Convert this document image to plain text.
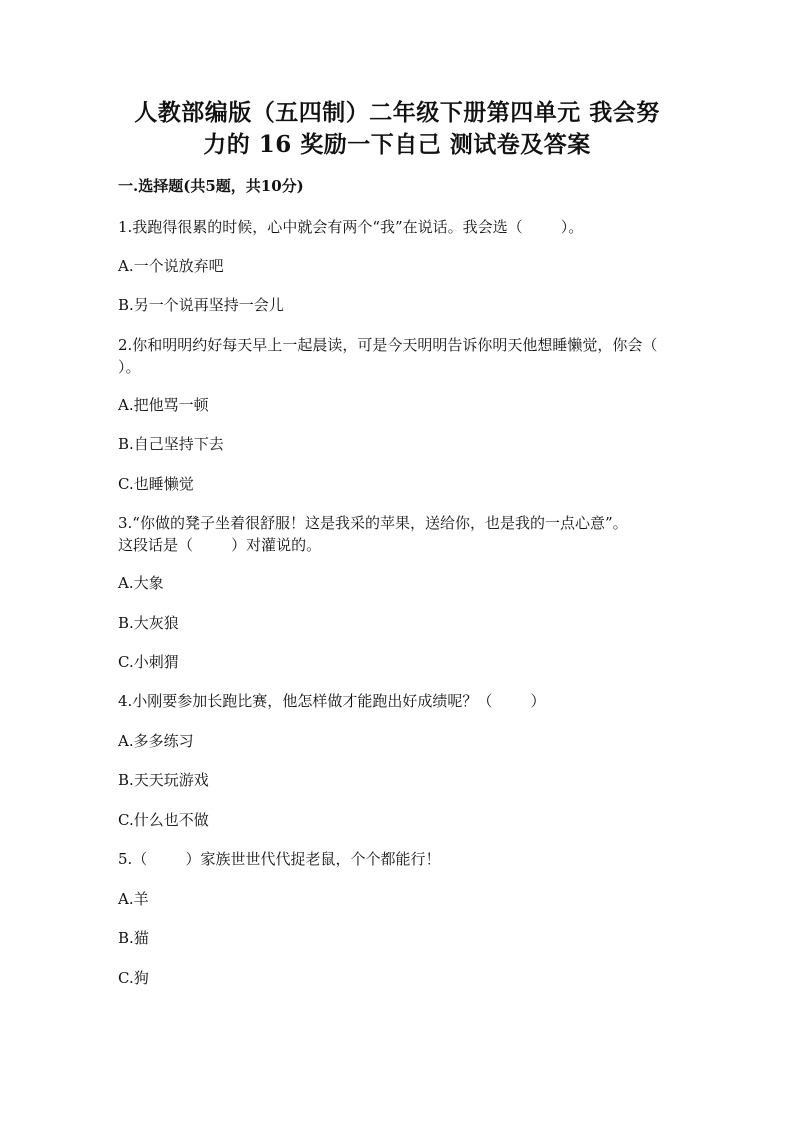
人教部编版（五四制）二年级下册第四单元 我会努
力的 16 奖励一下自己 测试卷及答案
一.选择题(共5题，共10分)
1.我跑得很累的时候，心中就会有两个“我”在说话。我会选（        ）。
A.一个说放弃吧
B.另一个说再坚持一会儿
2.你和明明约好每天早上一起晨读，可是今天明明告诉你明天他想睡懒觉，你会（      ）。
A.把他骂一顿
B.自己坚持下去
C.也睡懒觉
3.“你做的凳子坐着很舒服！这是我采的苹果，送给你，也是我的一点心意”。这段话是（        ）对灌说的。
A.大象
B.大灰狼
C.小刺猬
4.小刚要参加长跑比赛，他怎样做才能跑出好成绩呢？（        ）
A.多多练习
B.天天玩游戏
C.什么也不做
5.（        ）家族世世代代捉老鼠，个个都能行！
A.羊
B.猫
C.狗
